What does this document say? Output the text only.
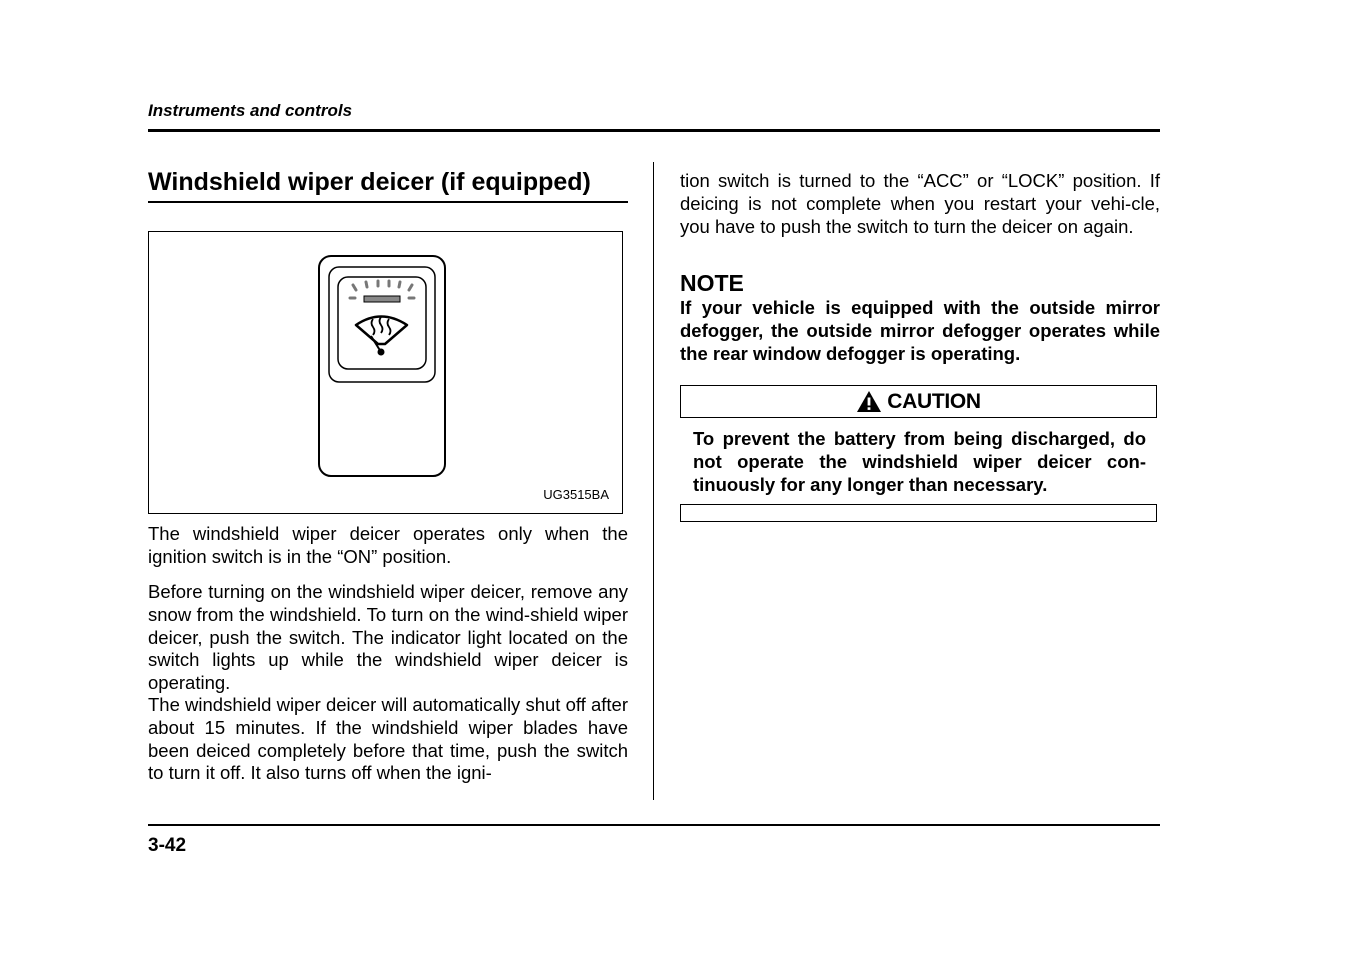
Instruments and controls
Windshield wiper deicer (if equipped)
UG3515BA

The windshield wiper deicer operates only when the ignition switch is in the “ON” position.

Before turning on the windshield wiper deicer, remove any snow from the windshield. To turn on the wind-shield wiper deicer, push the switch. The indicator light located on the switch lights up while the windshield wiper deicer is operating.

The windshield wiper deicer will automatically shut off after about 15 minutes. If the windshield wiper blades have been deiced completely before that time, push the switch to turn it off. It also turns off when the igni-

tion switch is turned to the “ACC” or “LOCK” position. If deicing is not complete when you restart your vehi-cle, you have to push the switch to turn the deicer on again.

NOTE

If your vehicle is equipped with the outside mirror defogger, the outside mirror defogger operates while the rear window defogger is operating.

CAUTION

To prevent the battery from being discharged, do not operate the windshield wiper deicer con-tinuously for any longer than necessary.

3-42
